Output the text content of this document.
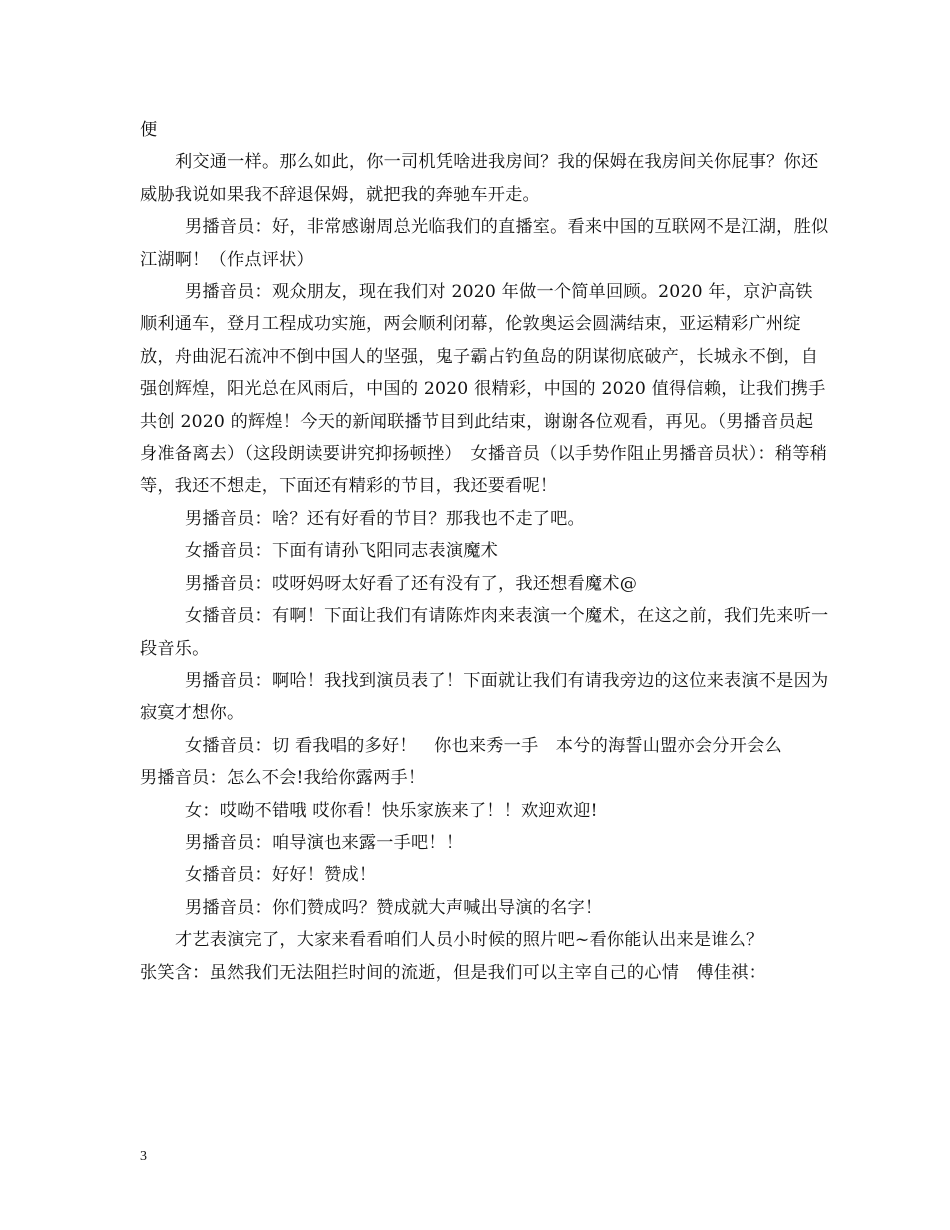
便

利交通一样。那么如此，你一司机凭啥进我房间？我的保姆在我房间关你屁事？你还威胁我说如果我不辞退保姆，就把我的奔驰车开走。

男播音员：好，非常感谢周总光临我们的直播室。看来中国的互联网不是江湖，胜似江湖啊！（作点评状）

男播音员：观众朋友，现在我们对 2020 年做一个简单回顾。2020 年，京沪高铁顺利通车，登月工程成功实施，两会顺利闭幕，伦敦奥运会圆满结束，亚运精彩广州绽放，舟曲泥石流冲不倒中国人的坚强，鬼子霸占钓鱼岛的阴谋彻底破产，长城永不倒，自强创辉煌，阳光总在风雨后，中国的 2020 很精彩，中国的 2020 值得信赖，让我们携手共创 2020 的辉煌！今天的新闻联播节目到此结束，谢谢各位观看，再见。（男播音员起身准备离去）（这段朗读要讲究抑扬顿挫）　女播音员（以手势作阻止男播音员状）：稍等稍等，我还不想走，下面还有精彩的节目，我还要看呢！

男播音员：啥？还有好看的节目？那我也不走了吧。

女播音员：下面有请孙飞阳同志表演魔术

男播音员：哎呀妈呀太好看了还有没有了，我还想看魔术@

女播音员：有啊！下面让我们有请陈炸肉来表演一个魔术，在这之前，我们先来听一段音乐。

男播音员：啊哈！我找到演员表了！下面就让我们有请我旁边的这位来表演不是因为寂寞才想你。

女播音员：切 看我唱的多好！　你也来秀一手　本兮的海誓山盟亦会分开会么

男播音员：怎么不会!我给你露两手！

女：哎呦不错哦 哎你看！快乐家族来了！！欢迎欢迎!

男播音员：咱导演也来露一手吧！！

女播音员：好好！赞成！

男播音员：你们赞成吗？赞成就大声喊出导演的名字！

才艺表演完了，大家来看看咱们人员小时候的照片吧~看你能认出来是谁么？

张笑含：虽然我们无法阻拦时间的流逝，但是我们可以主宰自己的心情　傅佳祺：

3
